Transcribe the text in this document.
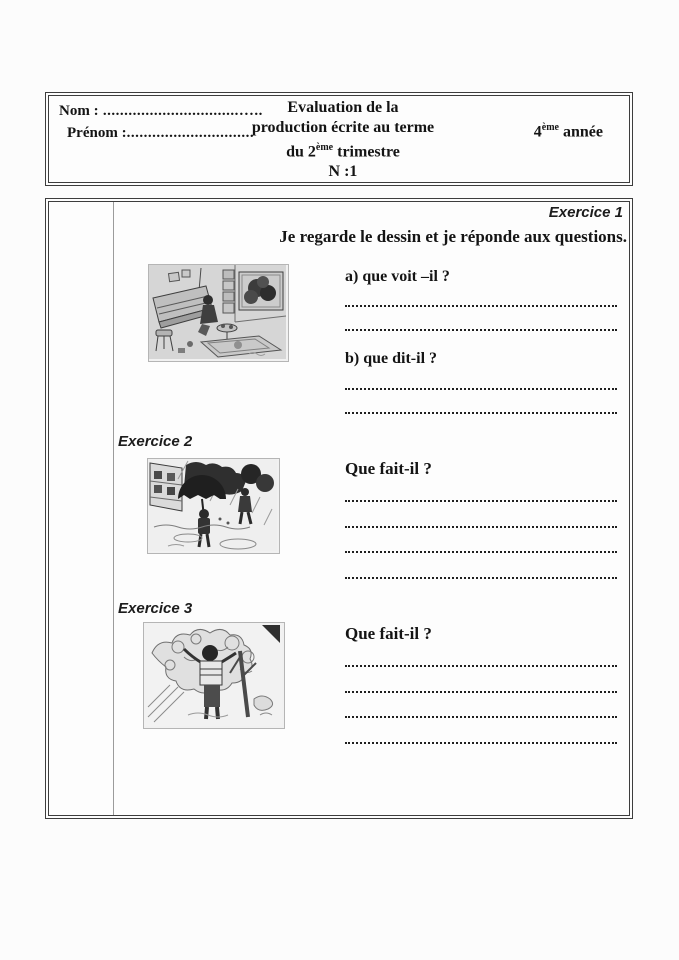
Nom : ................................…..
Prénom :..............................
Evaluation de la
production écrite au terme
du 2ème trimestre
N :1
4ème année
Exercice 1
Je regarde le dessin et je réponde aux questions.
a) que voit –il ?
b) que dit-il ?
Exercice 2
Que fait-il ?
Exercice 3
Que fait-il ?
